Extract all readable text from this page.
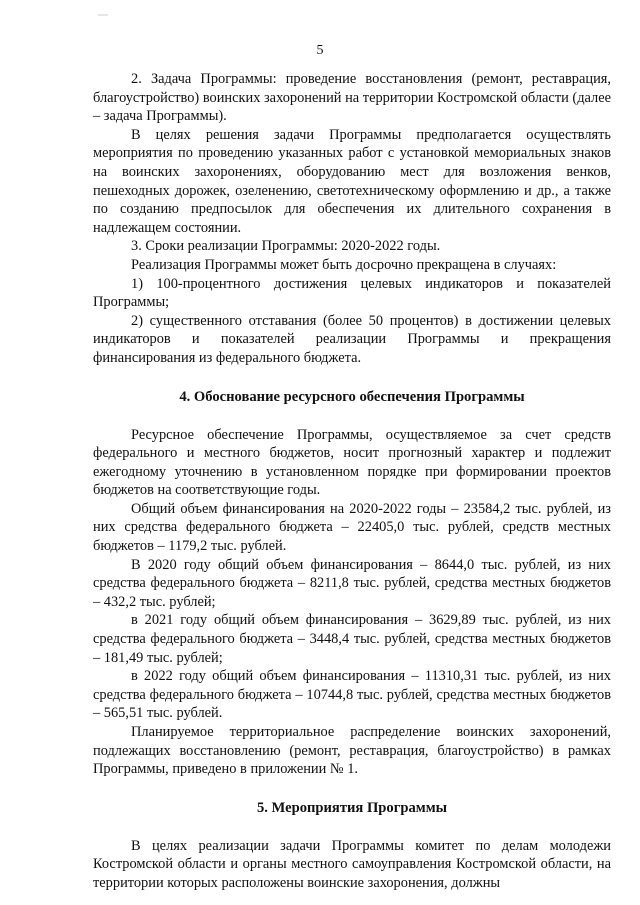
5

2. Задача Программы: проведение восстановления (ремонт, реставрация, благоустройство) воинских захоронений на территории Костромской области (далее – задача Программы).

В целях решения задачи Программы предполагается осуществлять мероприятия по проведению указанных работ с установкой мемориальных знаков на воинских захоронениях, оборудованию мест для возложения венков, пешеходных дорожек, озеленению, светотехническому оформлению и др., а также по созданию предпосылок для обеспечения их длительного сохранения в надлежащем состоянии.

3. Сроки реализации Программы: 2020-2022 годы.

Реализация Программы может быть досрочно прекращена в случаях:

1) 100-процентного достижения целевых индикаторов и показателей Программы;

2) существенного отставания (более 50 процентов) в достижении целевых индикаторов и показателей реализации Программы и прекращения финансирования из федерального бюджета.

4. Обоснование ресурсного обеспечения Программы

Ресурсное обеспечение Программы, осуществляемое за счет средств федерального и местного бюджетов, носит прогнозный характер и подлежит ежегодному уточнению в установленном порядке при формировании проектов бюджетов на соответствующие годы.

Общий объем финансирования на 2020-2022 годы – 23584,2 тыс. рублей, из них средства федерального бюджета – 22405,0 тыс. рублей, средств местных бюджетов – 1179,2 тыс. рублей.

В 2020 году общий объем финансирования – 8644,0 тыс. рублей, из них средства федерального бюджета – 8211,8 тыс. рублей, средства местных бюджетов – 432,2 тыс. рублей;

в 2021 году общий объем финансирования – 3629,89 тыс. рублей, из них средства федерального бюджета – 3448,4 тыс. рублей, средства местных бюджетов – 181,49 тыс. рублей;

в 2022 году общий объем финансирования – 11310,31 тыс. рублей, из них средства федерального бюджета – 10744,8 тыс. рублей, средства местных бюджетов – 565,51 тыс. рублей.

Планируемое территориальное распределение воинских захоронений, подлежащих восстановлению (ремонт, реставрация, благоустройство) в рамках Программы, приведено в приложении № 1.

5. Мероприятия Программы

В целях реализации задачи Программы комитет по делам молодежи Костромской области и органы местного самоуправления Костромской области, на территории которых расположены воинские захоронения, должны
